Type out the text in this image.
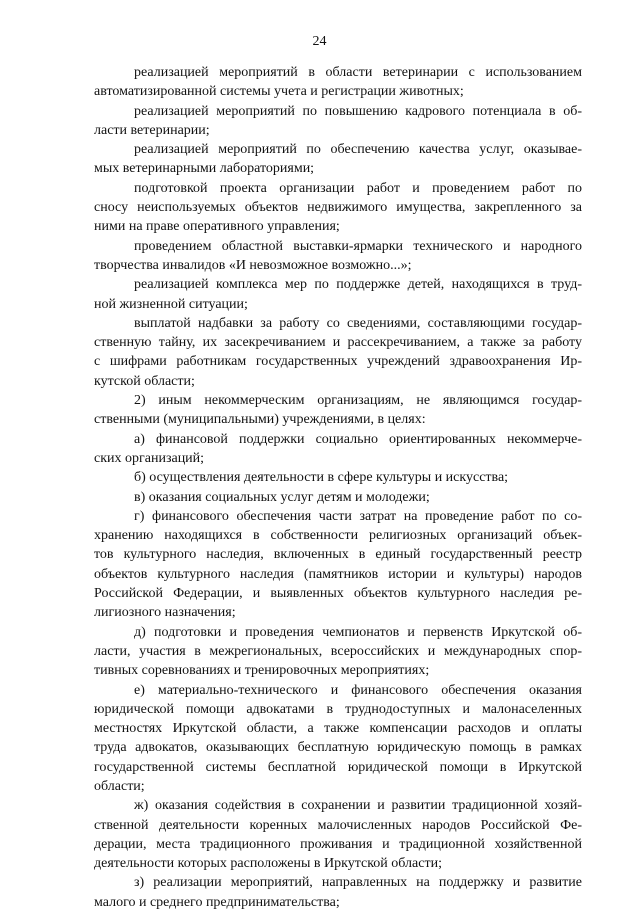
24
реализацией мероприятий в области ветеринарии с использованием
автоматизированной системы учета и регистрации животных;
реализацией мероприятий по повышению кадрового потенциала в об-
ласти ветеринарии;
реализацией мероприятий по обеспечению качества услуг, оказывае-
мых ветеринарными лабораториями;
подготовкой проекта организации работ и проведением работ по
сносу неиспользуемых объектов недвижимого имущества, закрепленного за
ними на праве оперативного управления;
проведением областной выставки-ярмарки технического и народного
творчества инвалидов «И невозможное возможно...»;
реализацией комплекса мер по поддержке детей, находящихся в труд-
ной жизненной ситуации;
выплатой надбавки за работу со сведениями, составляющими государ-
ственную тайну, их засекречиванием и рассекречиванием, а также за работу
с шифрами работникам государственных учреждений здравоохранения Ир-
кутской области;
2) иным некоммерческим организациям, не являющимся государ-
ственными (муниципальными) учреждениями, в целях:
а) финансовой поддержки социально ориентированных некоммерче-
ских организаций;
б) осуществления деятельности в сфере культуры и искусства;
в) оказания социальных услуг детям и молодежи;
г) финансового обеспечения части затрат на проведение работ по со-
хранению находящихся в собственности религиозных организаций объек-
тов культурного наследия, включенных в единый государственный реестр
объектов культурного наследия (памятников истории и культуры) народов
Российской Федерации, и выявленных объектов культурного наследия ре-
лигиозного назначения;
д) подготовки и проведения чемпионатов и первенств Иркутской об-
ласти, участия в межрегиональных, всероссийских и международных спор-
тивных соревнованиях и тренировочных мероприятиях;
е) материально-технического и финансового обеспечения оказания
юридической помощи адвокатами в труднодоступных и малонаселенных
местностях Иркутской области, а также компенсации расходов и оплаты
труда адвокатов, оказывающих бесплатную юридическую помощь в рамках
государственной системы бесплатной юридической помощи в Иркутской
области;
ж) оказания содействия в сохранении и развитии традиционной хозяй-
ственной деятельности коренных малочисленных народов Российской Фе-
дерации, места традиционного проживания и традиционной хозяйственной
деятельности которых расположены в Иркутской области;
з) реализации мероприятий, направленных на поддержку и развитие
малого и среднего предпринимательства;
